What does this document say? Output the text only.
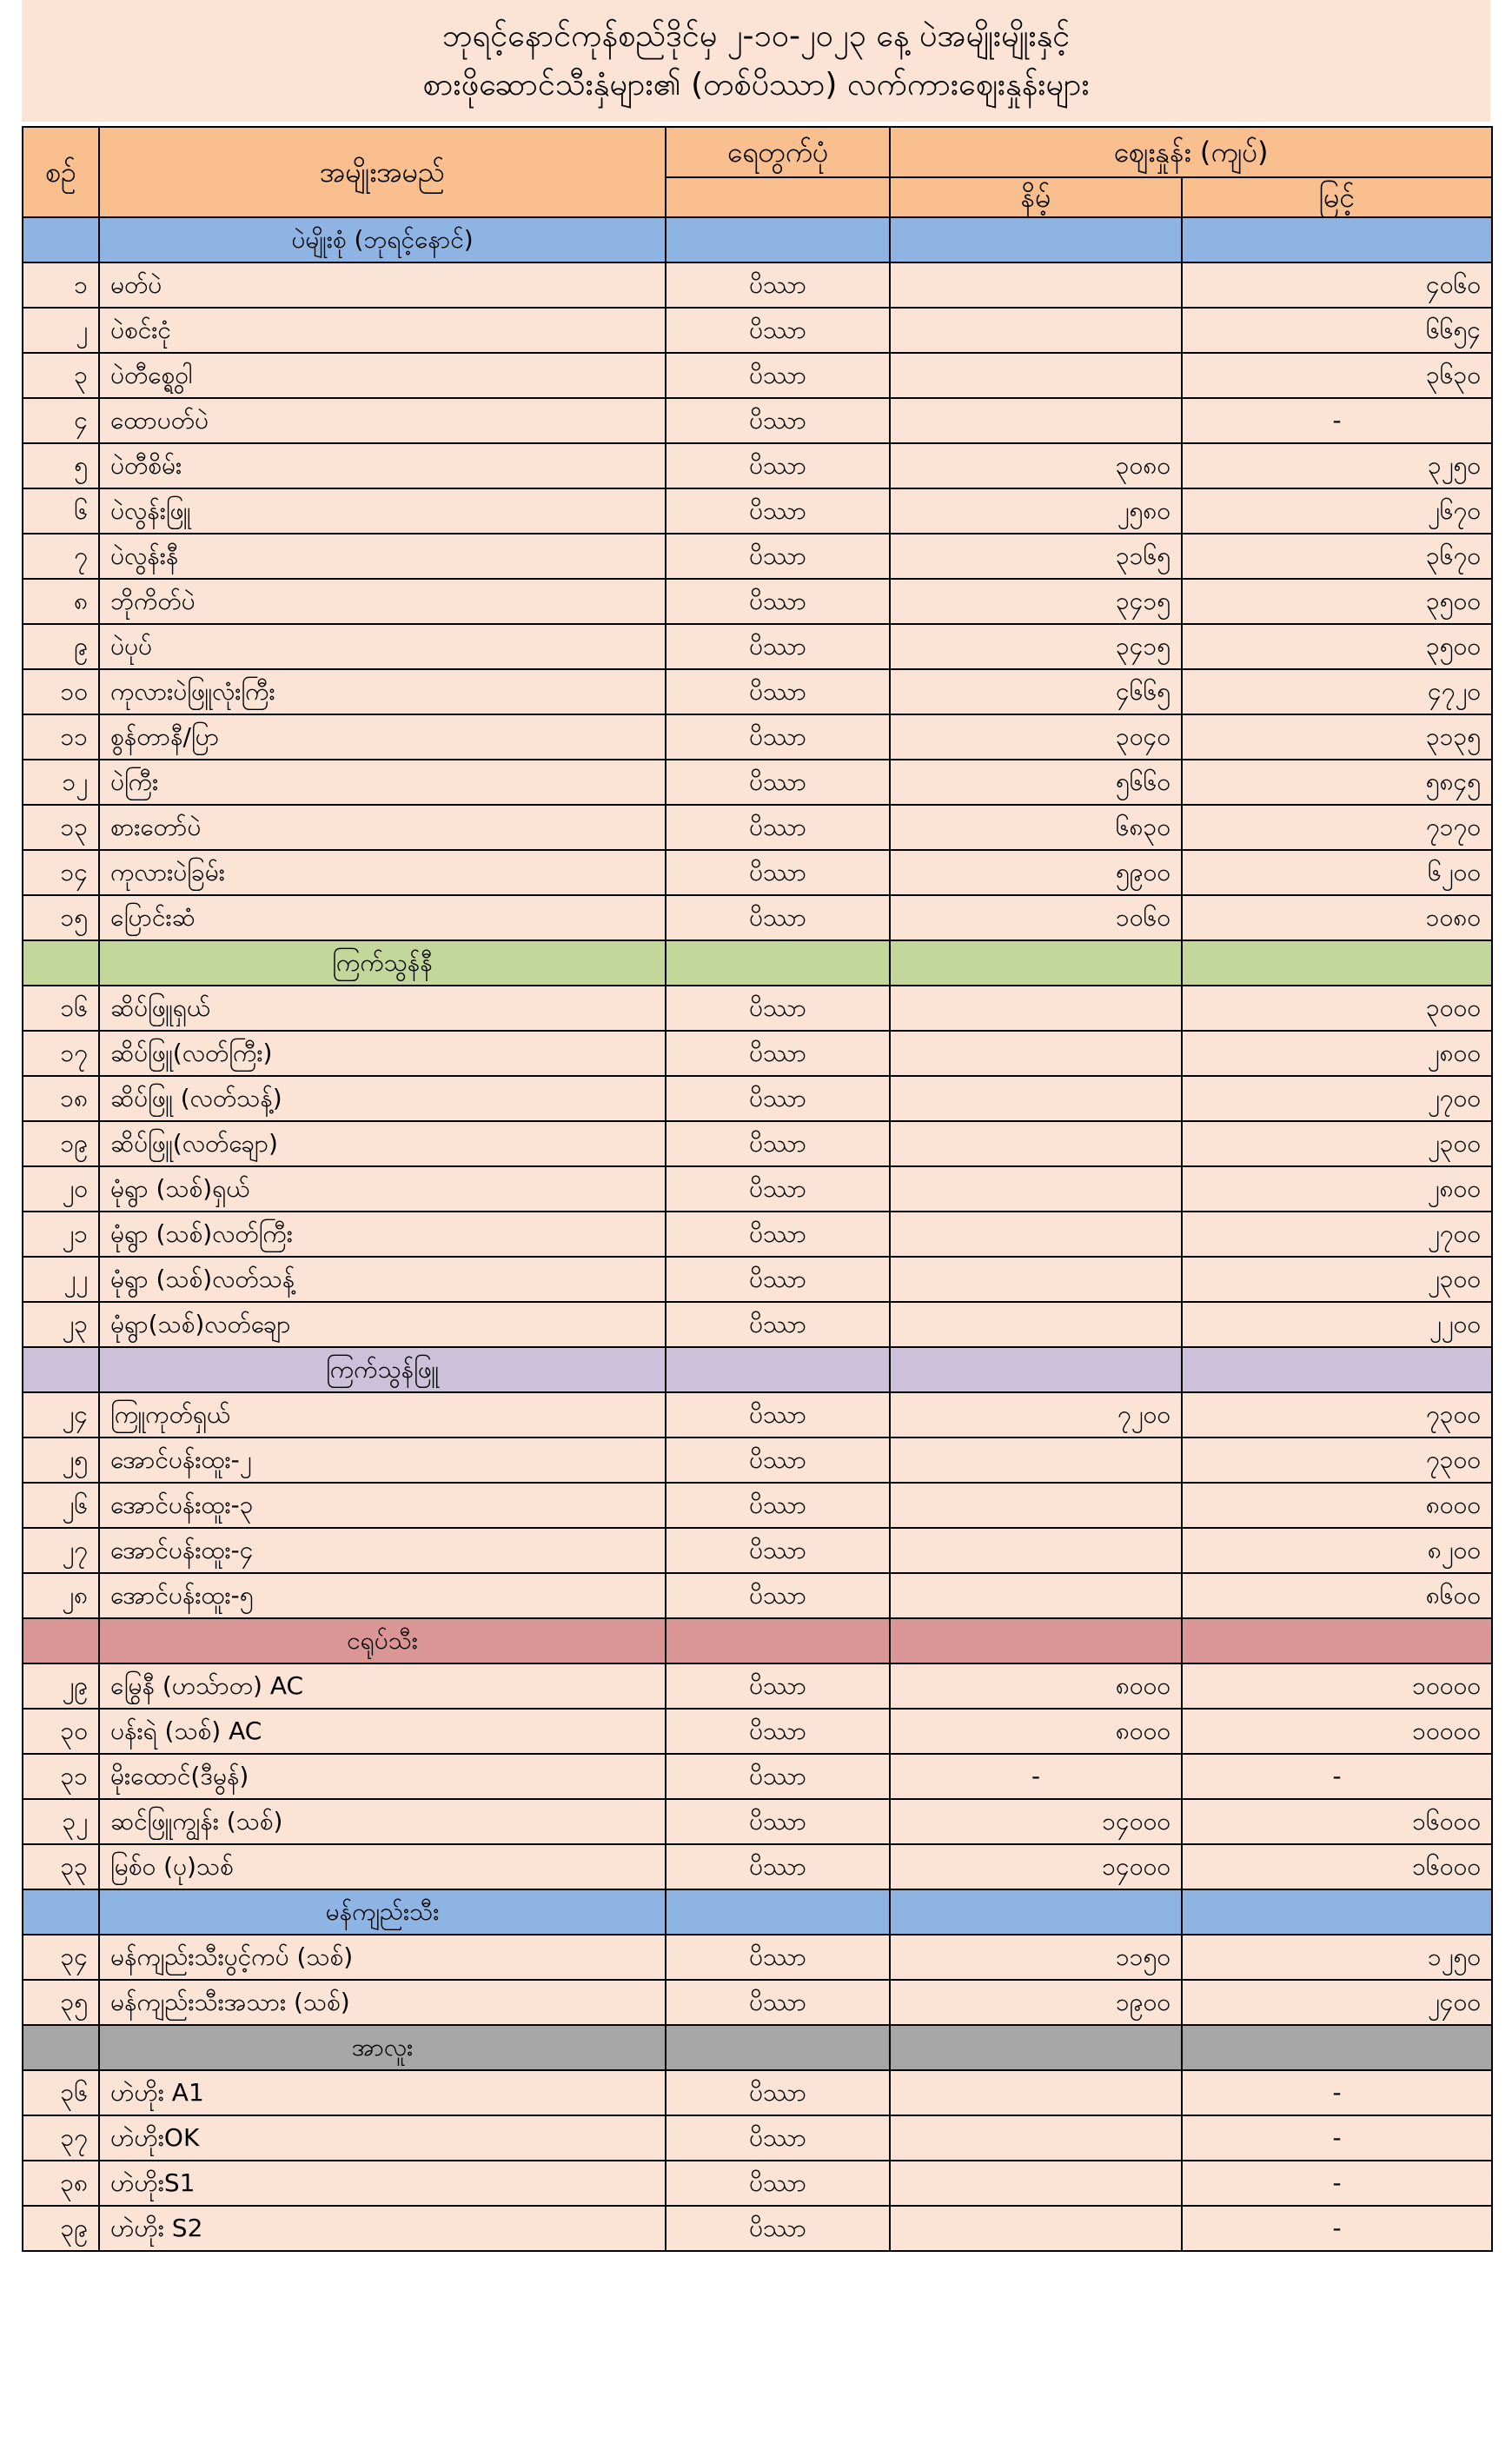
ဘုရင့်နောင်ကုန်စည်ဒိုင်မှ ၂-၁၀-၂၀၂၃ နေ့ ပဲအမျိုးမျိုးနှင့်
စားဖိုဆောင်သီးနှံများ၏ (တစ်ပိဿာ) လက်ကားဈေးနှုန်းများ
စဉ်	အမျိုးအမည်	ရေတွက်ပုံ	ဈေးနှုန်း (ကျပ်)	
			နိမ့်	မြင့်
	ပဲမျိုးစုံ (ဘုရင့်နောင်)			
၁	မတ်ပဲ	ပိဿာ		၄၀၆၀
၂	ပဲစင်းငုံ	ပိဿာ		၆၆၅၄
၃	ပဲတီစ္ရွေဝါ	ပိဿာ		၃၆၃၀
၄	ထောပတ်ပဲ	ပိဿာ		-
၅	ပဲတီစိမ်း	ပိဿာ	၃၀၈၀	၃၂၅၀
၆	ပဲလွန်းဖြူ	ပိဿာ	၂၅၈၀	၂၆၇၀
၇	ပဲလွန်းနီ	ပိဿာ	၃၁၆၅	၃၆၇၀
၈	ဘိုကိတ်ပဲ	ပိဿာ	၃၄၁၅	၃၅၀၀
၉	ပဲပုပ်	ပိဿာ	၃၄၁၅	၃၅၀၀
၁၀	ကုလားပဲဖြူလုံးကြီး	ပိဿာ	၄၆၆၅	၄၇၂၀
၁၁	စွန်တာနီ/ပြာ	ပိဿာ	၃၀၄၀	၃၁၃၅
၁၂	ပဲကြီး	ပိဿာ	၅၆၆၀	၅၈၄၅
၁၃	စားတော်ပဲ	ပိဿာ	၆၈၃၀	၇၁၇၀
၁၄	ကုလားပဲခြမ်း	ပိဿာ	၅၉၀၀	၆၂၀၀
၁၅	ပြောင်းဆံ	ပိဿာ	၁၀၆၀	၁၀၈၀
	ကြက်သွန်နီ			
၁၆	ဆိပ်ဖြူရှယ်	ပိဿာ		၃၀၀၀
၁၇	ဆိပ်ဖြူ(လတ်ကြီး)	ပိဿာ		၂၈၀၀
၁၈	ဆိပ်ဖြူ (လတ်သန့်)	ပိဿာ		၂၇၀၀
၁၉	ဆိပ်ဖြူ(လတ်ချော)	ပိဿာ		၂၃၀၀
၂၀	မုံရွာ (သစ်)ရှယ်	ပိဿာ		၂၈၀၀
၂၁	မုံရွာ (သစ်)လတ်ကြီး	ပိဿာ		၂၇၀၀
၂၂	မုံရွာ (သစ်)လတ်သန့်	ပိဿာ		၂၃၀၀
၂၃	မုံရွာ(သစ်)လတ်ချော	ပိဿာ		၂၂၀၀
	ကြက်သွန်ဖြူ			
၂၄	ကြူကုတ်ရှယ်	ပိဿာ	၇၂၀၀	၇၃၀၀
၂၅	အောင်ပန်းထူး-၂	ပိဿာ		၇၃၀၀
၂၆	အောင်ပန်းထူး-၃	ပိဿာ		၈၀၀၀
၂၇	အောင်ပန်းထူး-၄	ပိဿာ		၈၂၀၀
၂၈	အောင်ပန်းထူး-၅	ပိဿာ		၈၆၀၀
	ငရုပ်သီး			
၂၉	မြွေနီ (ဟသ်ာတ) AC	ပိဿာ	၈၀၀၀	၁၀၀၀၀
၃၀	ပန်းရဲ (သစ်) AC	ပိဿာ	၈၀၀၀	၁၀၀၀၀
၃၁	မိုးထောင်(ဒီမွန်)	ပိဿာ	-	-
၃၂	ဆင်ဖြူကျွန်း (သစ်)	ပိဿာ	၁၄၀၀၀	၁၆၀၀၀
၃၃	မြစ်ဝ (ပု)သစ်	ပိဿာ	၁၄၀၀၀	၁၆၀၀၀
	မန်ကျည်းသီး			
၃၄	မန်ကျည်းသီးပွင့်ကပ် (သစ်)	ပိဿာ	၁၁၅၀	၁၂၅၀
၃၅	မန်ကျည်းသီးအသား (သစ်)	ပိဿာ	၁၉၀၀	၂၄၀၀
	အာလူး			
၃၆	ဟဲဟိုး A1	ပိဿာ		-
၃၇	ဟဲဟိုးOK	ပိဿာ		-
၃၈	ဟဲဟိုးS1	ပိဿာ		-
၃၉	ဟဲဟိုး S2	ပိဿာ		-
